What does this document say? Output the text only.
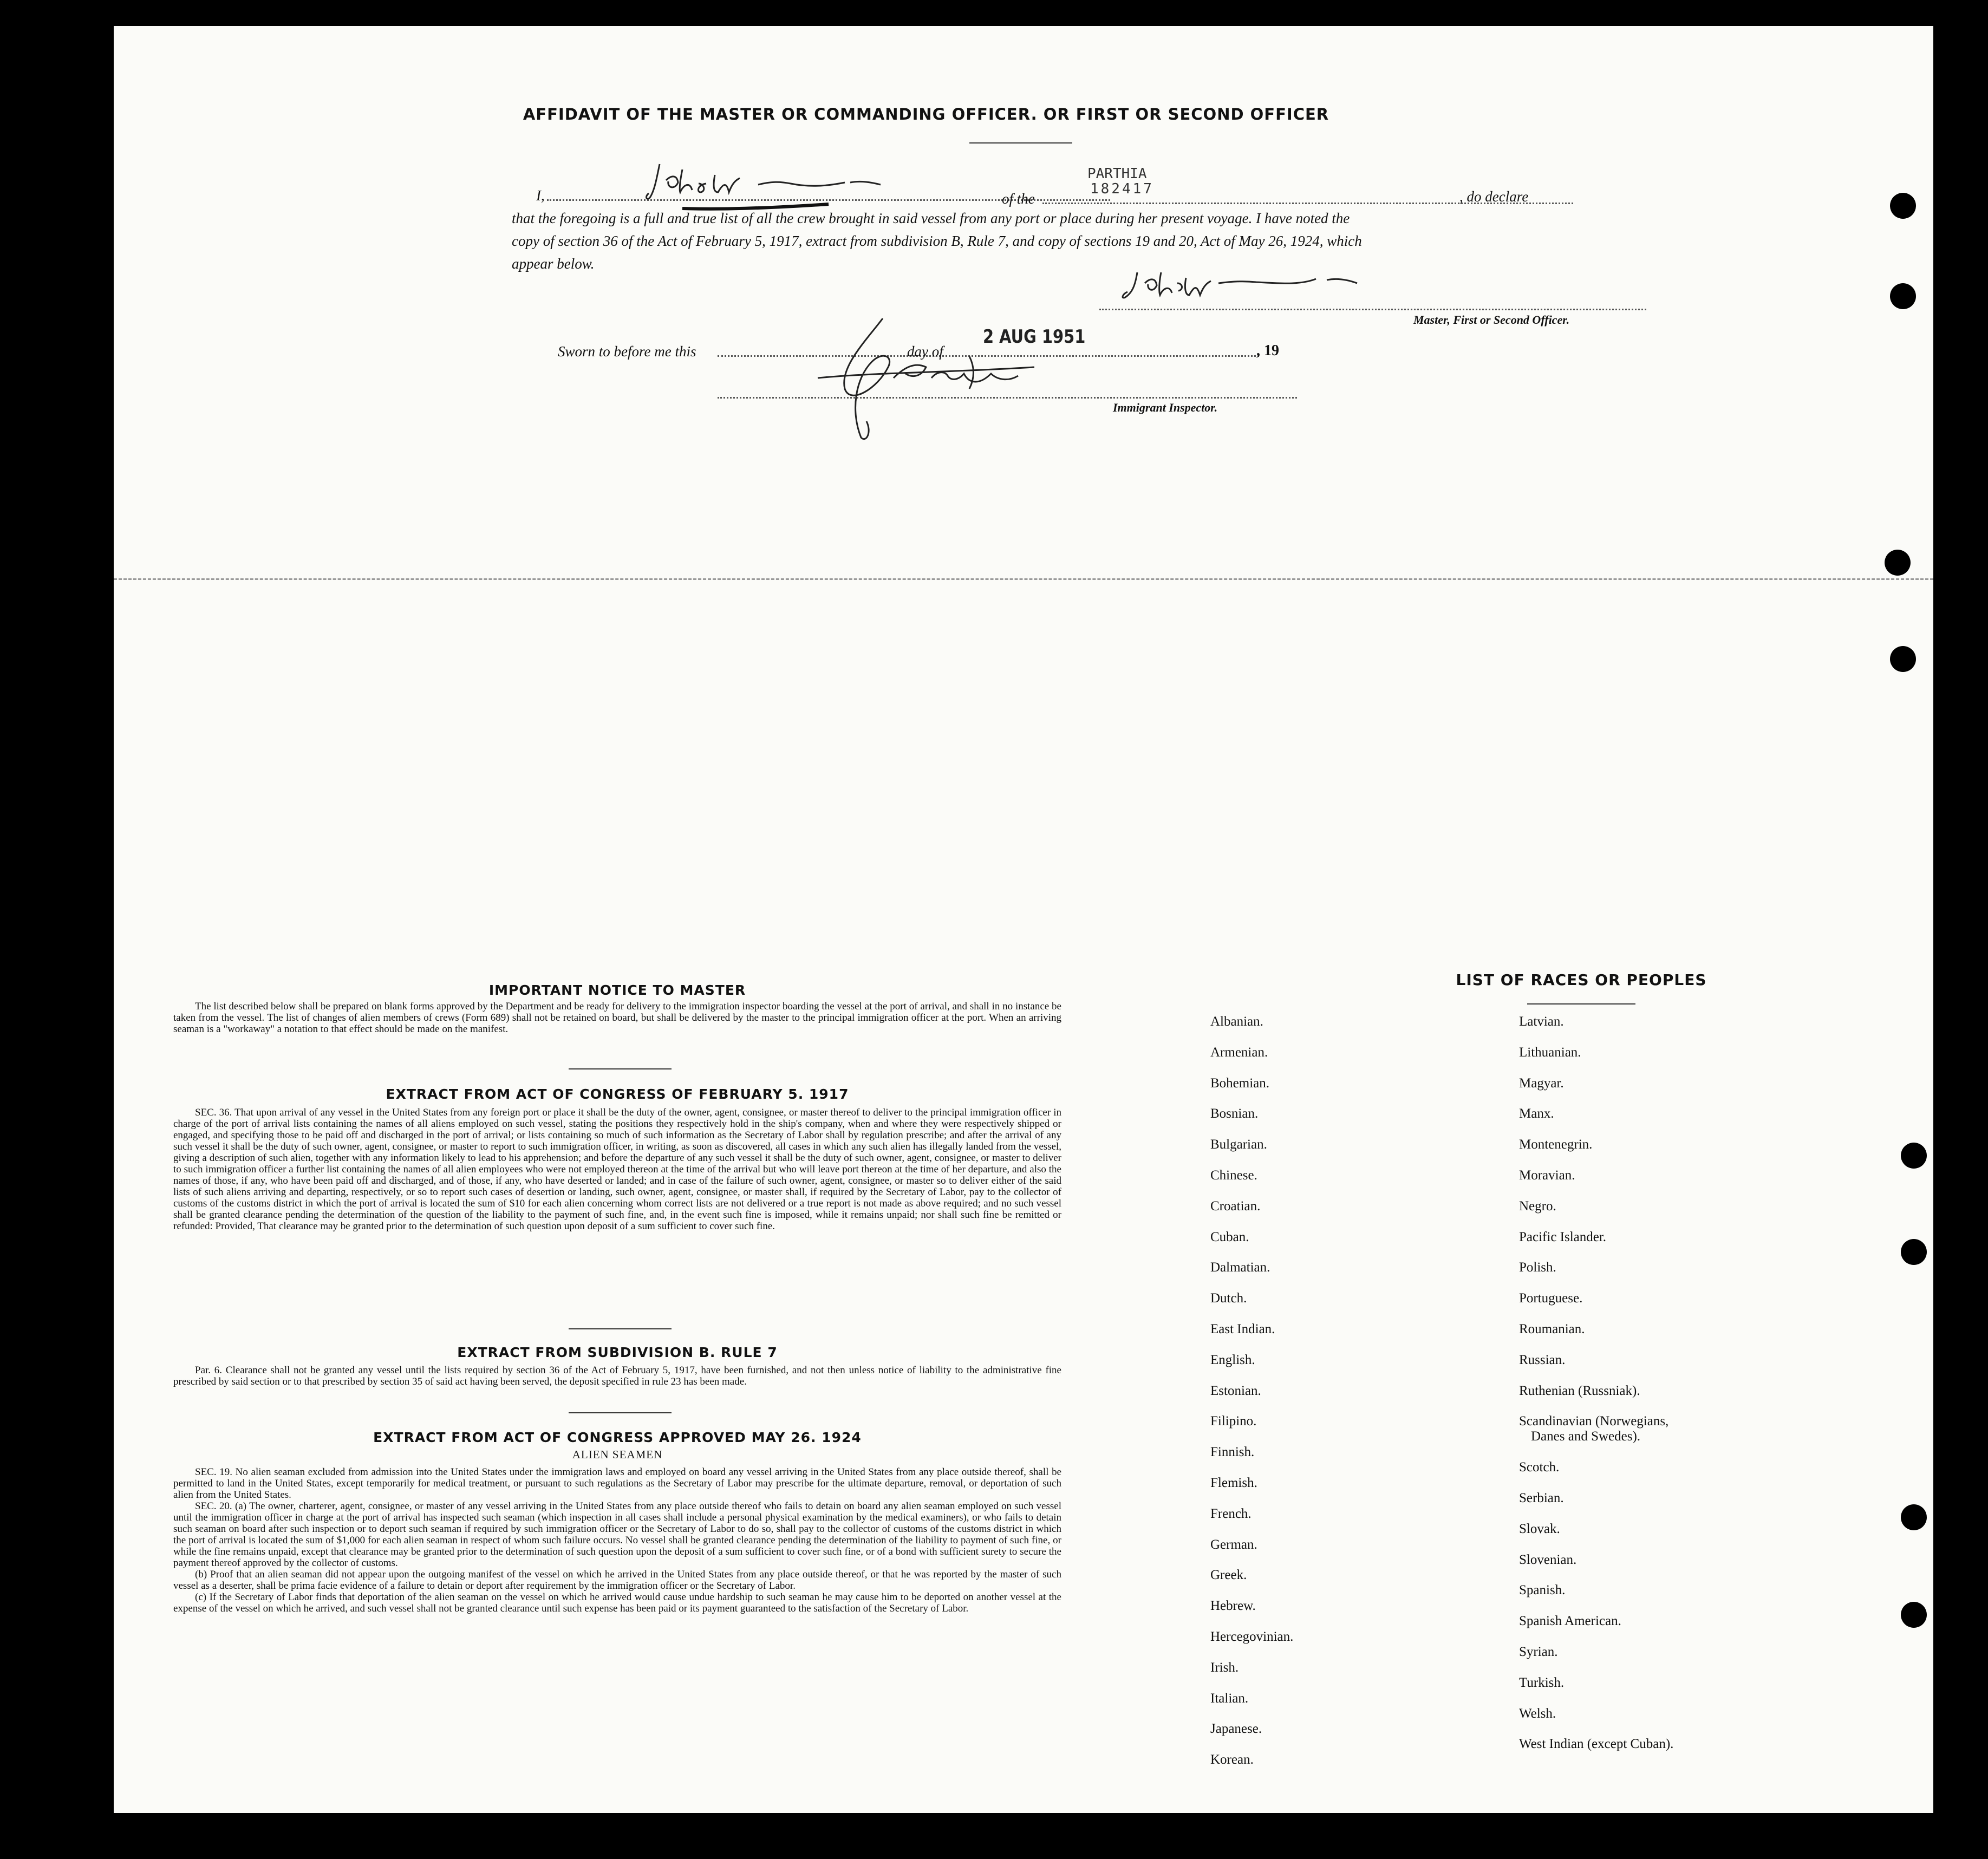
AFFIDAVIT OF THE MASTER OR COMMANDING OFFICER. OR FIRST OR SECOND OFFICER
I,	of the
PARTHIA
182417	, do declare
that the foregoing is a full and true list of all the crew brought in said vessel from any port or place during her present voyage. I have noted the
copy of section 36 of the Act of February 5, 1917, extract from subdivision B, Rule 7, and copy of sections 19 and 20, Act of May 26, 1924, which
appear below.
Master, First or Second Officer.
Sworn to before me this	day of
2 AUG 1951
, 19
Immigrant Inspector.
IMPORTANT NOTICE TO MASTER
The list described below shall be prepared on blank forms approved by the Department and be ready for delivery to the immigration inspector boarding the vessel at the port of arrival, and shall in no instance be taken from the vessel. The list of changes of alien members of crews (Form 689) shall not be retained on board, but shall be delivered by the master to the principal immigration officer at the port. When an arriving seaman is a "workaway" a notation to that effect should be made on the manifest.
EXTRACT FROM ACT OF CONGRESS OF FEBRUARY 5. 1917
SEC. 36. That upon arrival of any vessel in the United States from any foreign port or place it shall be the duty of the owner, agent, consignee, or master thereof to deliver to the principal immigration officer in charge of the port of arrival lists containing the names of all aliens employed on such vessel, stating the positions they respectively hold in the ship's company, when and where they were respectively shipped or engaged, and specifying those to be paid off and discharged in the port of arrival; or lists containing so much of such information as the Secretary of Labor shall by regulation prescribe; and after the arrival of any such vessel it shall be the duty of such owner, agent, consignee, or master to report to such immigration officer, in writing, as soon as discovered, all cases in which any such alien has illegally landed from the vessel, giving a description of such alien, together with any information likely to lead to his apprehension; and before the departure of any such vessel it shall be the duty of such owner, agent, consignee, or master to deliver to such immigration officer a further list containing the names of all alien employees who were not employed thereon at the time of the arrival but who will leave port thereon at the time of her departure, and also the names of those, if any, who have been paid off and discharged, and of those, if any, who have deserted or landed; and in case of the failure of such owner, agent, consignee, or master so to deliver either of the said lists of such aliens arriving and departing, respectively, or so to report such cases of desertion or landing, such owner, agent, consignee, or master shall, if required by the Secretary of Labor, pay to the collector of customs of the customs district in which the port of arrival is located the sum of $10 for each alien concerning whom correct lists are not delivered or a true report is not made as above required; and no such vessel shall be granted clearance pending the determination of the question of the liability to the payment of such fine, and, in the event such fine is imposed, while it remains unpaid; nor shall such fine be remitted or refunded: Provided, That clearance may be granted prior to the determination of such question upon deposit of a sum sufficient to cover such fine.
EXTRACT FROM SUBDIVISION B. RULE 7
Par. 6. Clearance shall not be granted any vessel until the lists required by section 36 of the Act of February 5, 1917, have been furnished, and not then unless notice of liability to the administrative fine prescribed by said section or to that prescribed by section 35 of said act having been served, the deposit specified in rule 23 has been made.
EXTRACT FROM ACT OF CONGRESS APPROVED MAY 26. 1924
ALIEN SEAMEN
SEC. 19. No alien seaman excluded from admission into the United States under the immigration laws and employed on board any vessel arriving in the United States from any place outside thereof, shall be permitted to land in the United States, except temporarily for medical treatment, or pursuant to such regulations as the Secretary of Labor may prescribe for the ultimate departure, removal, or deportation of such alien from the United States.
SEC. 20. (a) The owner, charterer, agent, consignee, or master of any vessel arriving in the United States from any place outside thereof who fails to detain on board any alien seaman employed on such vessel until the immigration officer in charge at the port of arrival has inspected such seaman (which inspection in all cases shall include a personal physical examination by the medical examiners), or who fails to detain such seaman on board after such inspection or to deport such seaman if required by such immigration officer or the Secretary of Labor to do so, shall pay to the collector of customs of the customs district in which the port of arrival is located the sum of $1,000 for each alien seaman in respect of whom such failure occurs. No vessel shall be granted clearance pending the determination of the liability to payment of such fine, or while the fine remains unpaid, except that clearance may be granted prior to the determination of such question upon the deposit of a sum sufficient to cover such fine, or of a bond with sufficient surety to secure the payment thereof approved by the collector of customs.
(b) Proof that an alien seaman did not appear upon the outgoing manifest of the vessel on which he arrived in the United States from any place outside thereof, or that he was reported by the master of such vessel as a deserter, shall be prima facie evidence of a failure to detain or deport after requirement by the immigration officer or the Secretary of Labor.
(c) If the Secretary of Labor finds that deportation of the alien seaman on the vessel on which he arrived would cause undue hardship to such seaman he may cause him to be deported on another vessel at the expense of the vessel on which he arrived, and such vessel shall not be granted clearance until such expense has been paid or its payment guaranteed to the satisfaction of the Secretary of Labor.
LIST OF RACES OR PEOPLES
Albanian.
Armenian.
Bohemian.
Bosnian.
Bulgarian.
Chinese.
Croatian.
Cuban.
Dalmatian.
Dutch.
East Indian.
English.
Estonian.
Filipino.
Finnish.
Flemish.
French.
German.
Greek.
Hebrew.
Hercegovinian.
Irish.
Italian.
Japanese.
Korean.
Latvian.
Lithuanian.
Magyar.
Manx.
Montenegrin.
Moravian.
Negro.
Pacific Islander.
Polish.
Portuguese.
Roumanian.
Russian.
Ruthenian (Russniak).
Scandinavian (Norwegians,
Danes and Swedes).
Scotch.
Serbian.
Slovak.
Slovenian.
Spanish.
Spanish American.
Syrian.
Turkish.
Welsh.
West Indian (except Cuban).
